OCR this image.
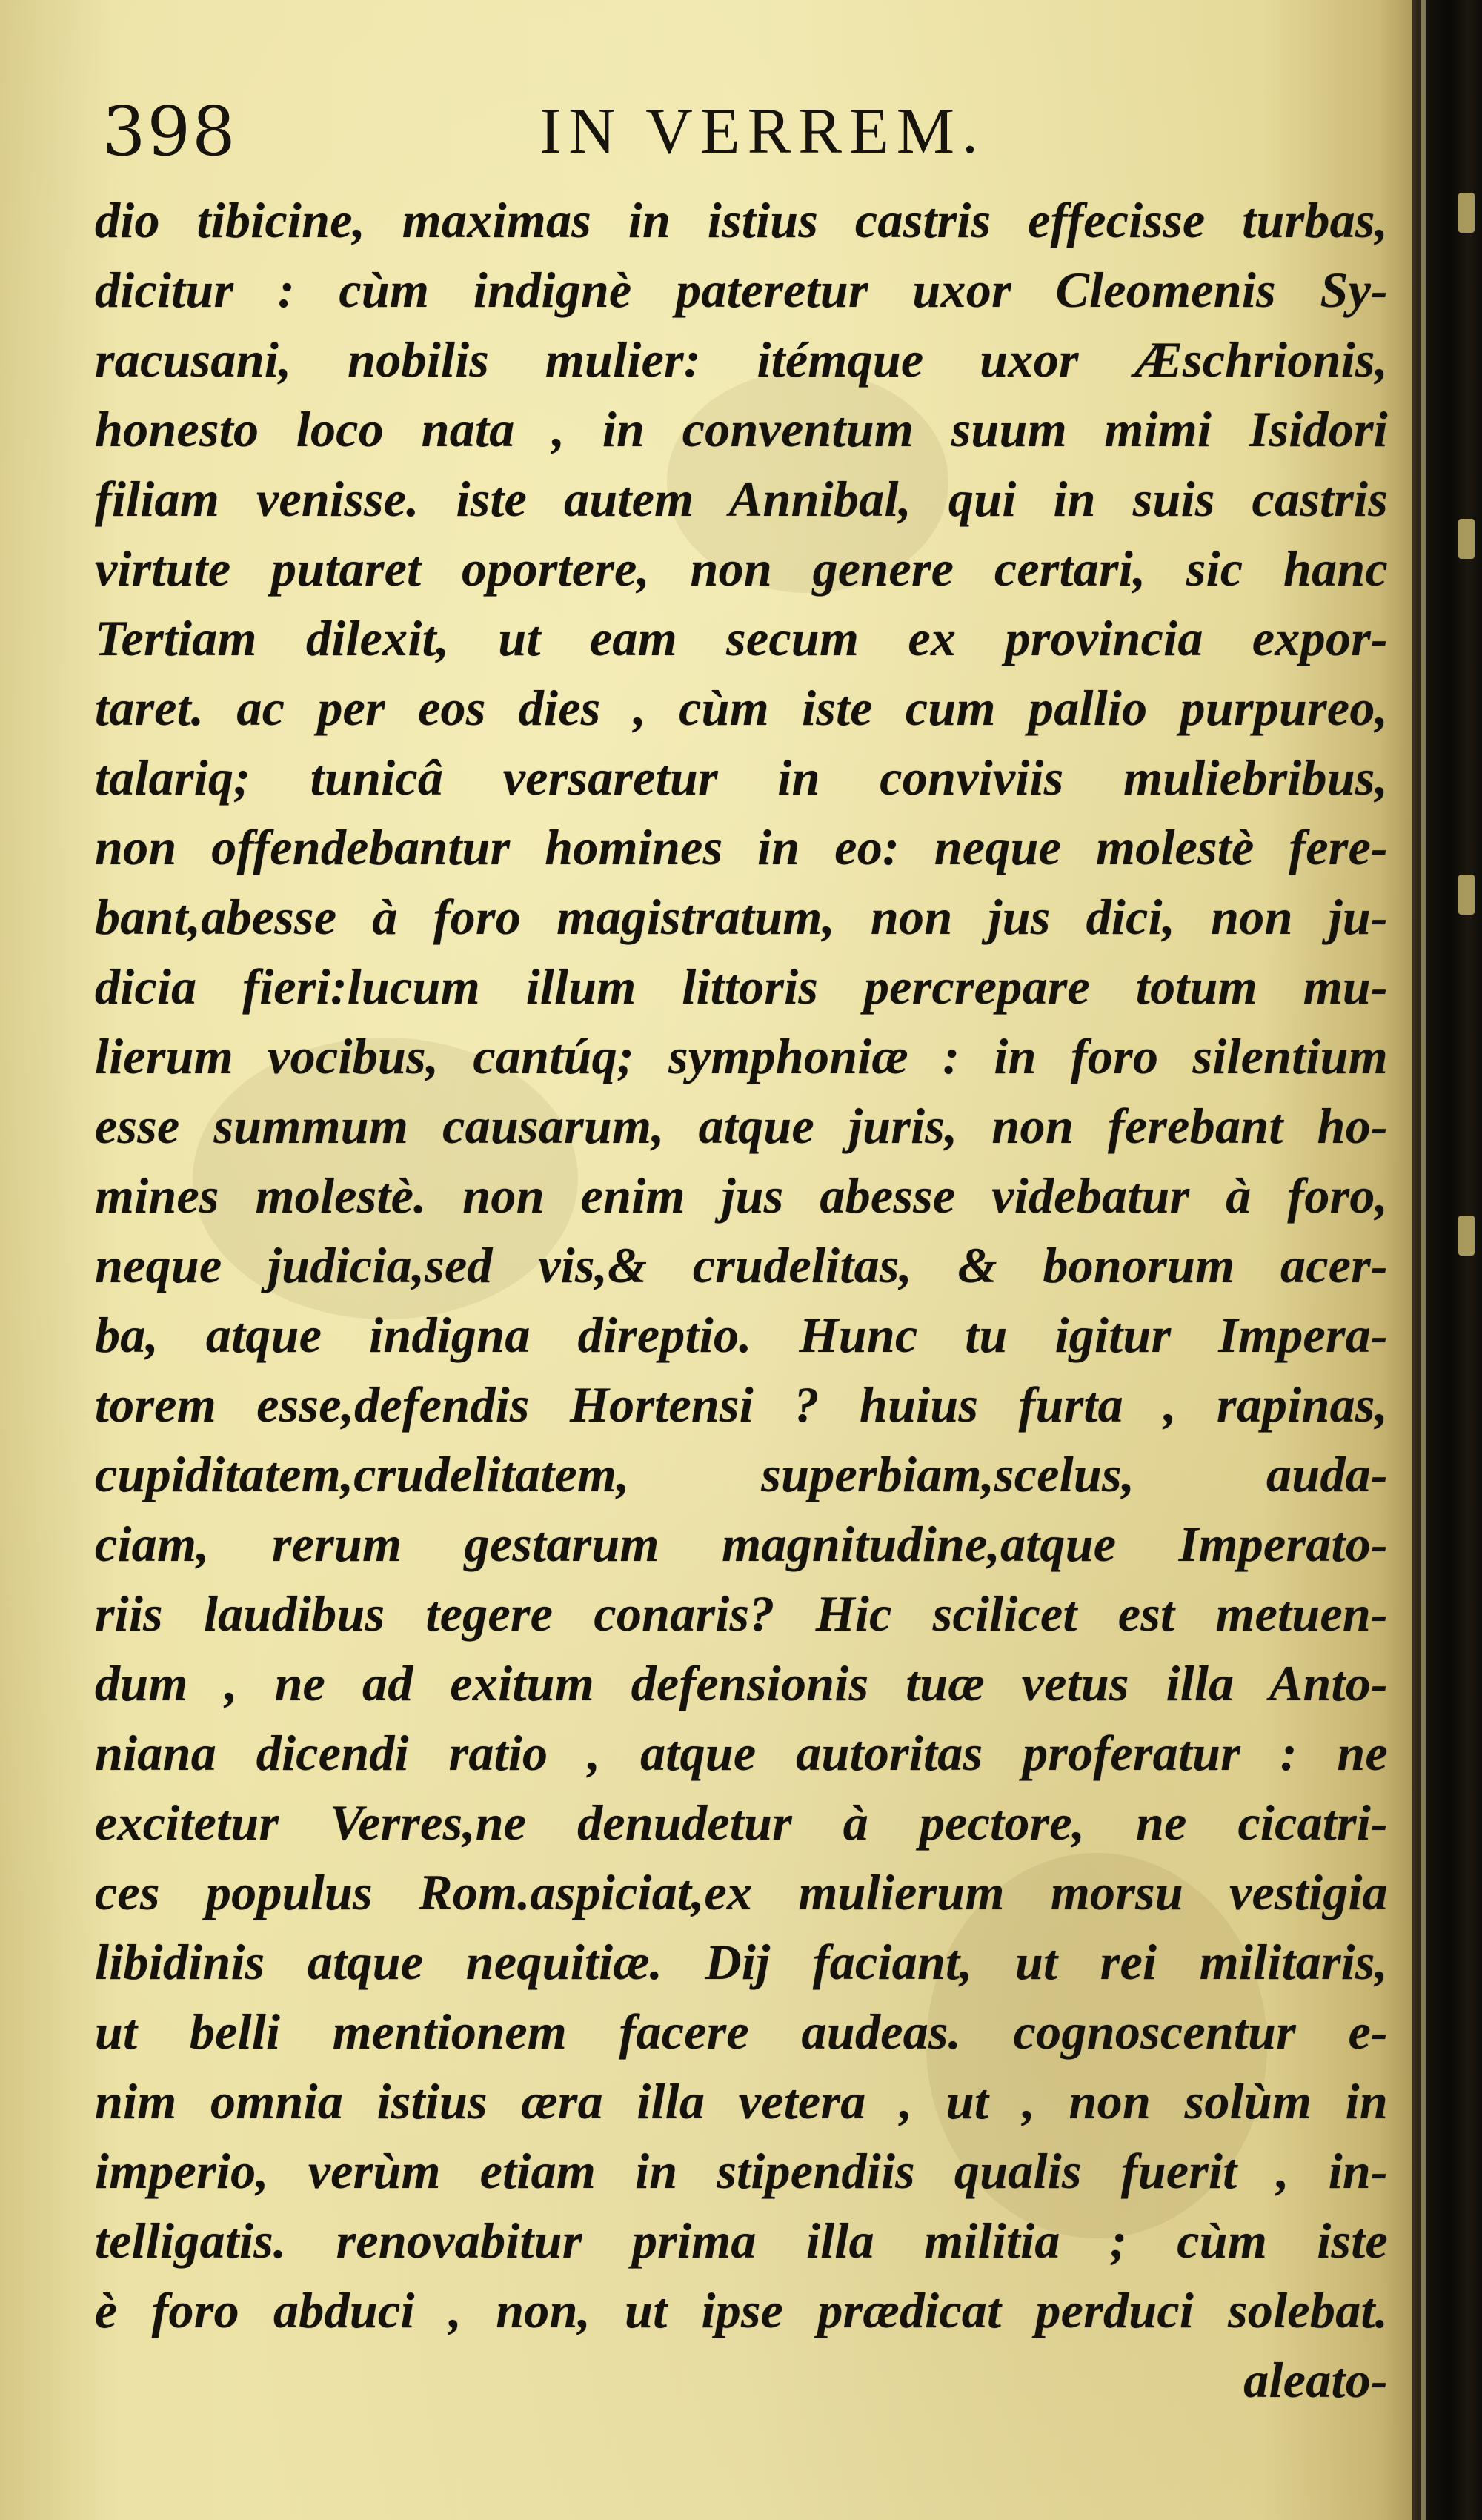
398	IN VERREM.
dio tibicine, maximas in istius castris effecisse turbas,
dicitur : cùm indignè pateretur uxor Cleomenis Sy-
racusani, nobilis mulier: itémque uxor Æschrionis,
honesto loco nata , in conventum suum mimi Isidori
filiam venisse. iste autem Annibal, qui in suis castris
virtute putaret oportere, non genere certari, sic hanc
Tertiam dilexit, ut eam secum ex provincia expor-
taret. ac per eos dies , cùm iste cum pallio purpureo,
talariq; tunicâ versaretur in conviviis muliebribus,
non offendebantur homines in eo: neque molestè fere-
bant,abesse à foro magistratum, non jus dici, non ju-
dicia fieri:lucum illum littoris percrepare totum mu-
lierum vocibus, cantúq; symphoniæ : in foro silentium
esse summum causarum, atque juris, non ferebant ho-
mines molestè. non enim jus abesse videbatur à foro,
neque judicia,sed vis,& crudelitas, & bonorum acer-
ba, atque indigna direptio. Hunc tu igitur Impera-
torem esse,defendis Hortensi ? huius furta , rapinas,
cupiditatem,crudelitatem, superbiam,scelus, auda-
ciam, rerum gestarum magnitudine,atque Imperato-
riis laudibus tegere conaris? Hic scilicet est metuen-
dum , ne ad exitum defensionis tuæ vetus illa Anto-
niana dicendi ratio , atque autoritas proferatur : ne
excitetur Verres,ne denudetur à pectore, ne cicatri-
ces populus Rom.aspiciat,ex mulierum morsu vestigia
libidinis atque nequitiæ. Dij faciant, ut rei militaris,
ut belli mentionem facere audeas. cognoscentur e-
nim omnia istius æra illa vetera , ut , non solùm in
imperio, verùm etiam in stipendiis qualis fuerit , in-
telligatis. renovabitur prima illa militia ; cùm iste
è foro abduci , non, ut ipse prædicat perduci solebat.
aleato-
